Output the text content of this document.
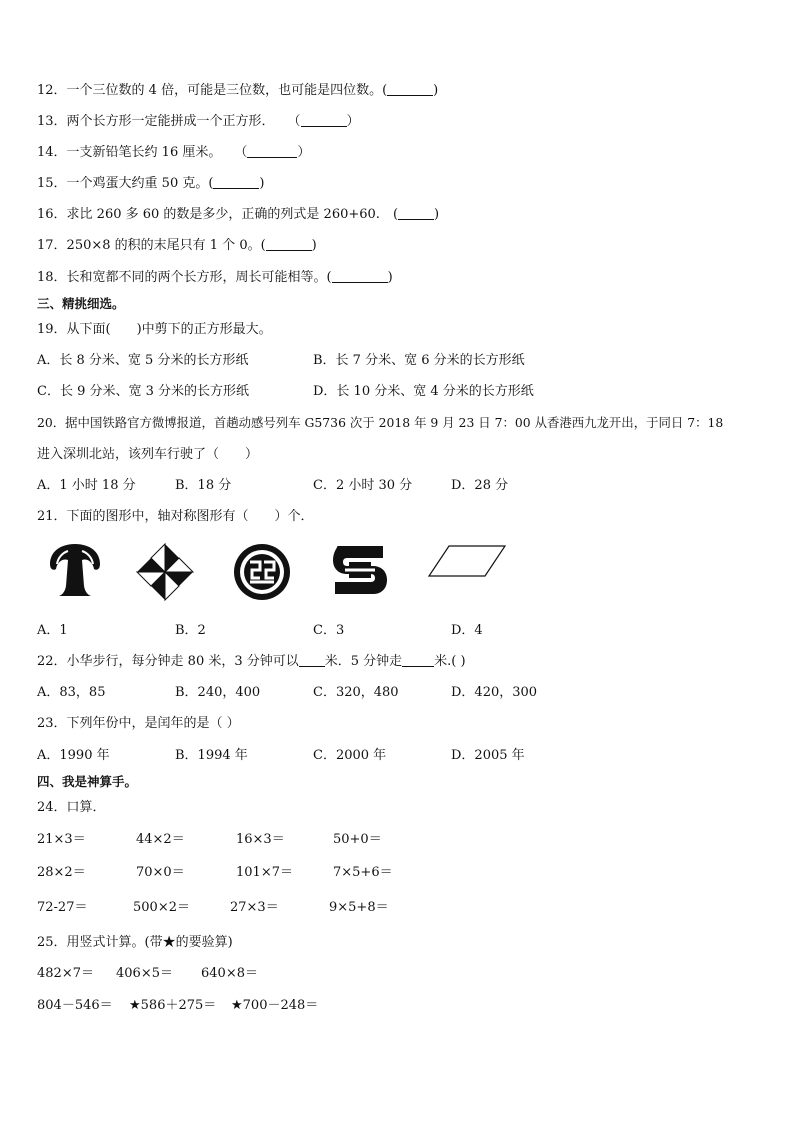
12．一个三位数的 4 倍，可能是三位数，也可能是四位数。(	)
13．两个长方形一定能拼成一个正方形．　　（	）
14．一支新铅笔长约 16 厘米。　　（	）
15．一个鸡蛋大约重 50 克。(	)
16．求比 260 多 60 的数是多少，正确的列式是 260+60.　(	)
17．250×8 的积的末尾只有 1 个 0。(	)
18．长和宽都不同的两个长方形，周长可能相等。(	)
三、精挑细选。
19．从下面(　　)中剪下的正方形最大。
A．长 8 分米、宽 5 分米的长方形纸	B．长 7 分米、宽 6 分米的长方形纸
C．长 9 分米、宽 3 分米的长方形纸	D．长 10 分米、宽 4 分米的长方形纸
20．据中国铁路官方微博报道，首趟动感号列车 G5736 次于 2018 年 9 月 23 日 7：00 从香港西九龙开出，于同日 7：18
进入深圳北站，该列车行驶了（　　）
A．1 小时 18 分	B．18 分	C．2 小时 30 分	D．28 分
21．下面的图形中，轴对称图形有（　　）个．
A．1	B．2	C．3	D．4
22．小华步行，每分钟走 80 米，3 分钟可以 米．5 分钟走 米.( )
A．83，85	B．240，400	C．320，480	D．420，300
23．下列年份中，是闰年的是（ ）
A．1990 年	B．1994 年	C．2000 年	D．2005 年
四、我是神算手。
24．口算．
21×3＝	44×2＝	16×3＝	50+0＝
28×2＝	70×0＝	101×7＝	7×5+6＝
72-27＝	500×2＝	27×3＝	9×5+8＝
25．用竖式计算。(带★的要验算)
482×7＝ 406×5＝ 640×8＝
804－546＝ ★586＋275＝ ★700－248＝
